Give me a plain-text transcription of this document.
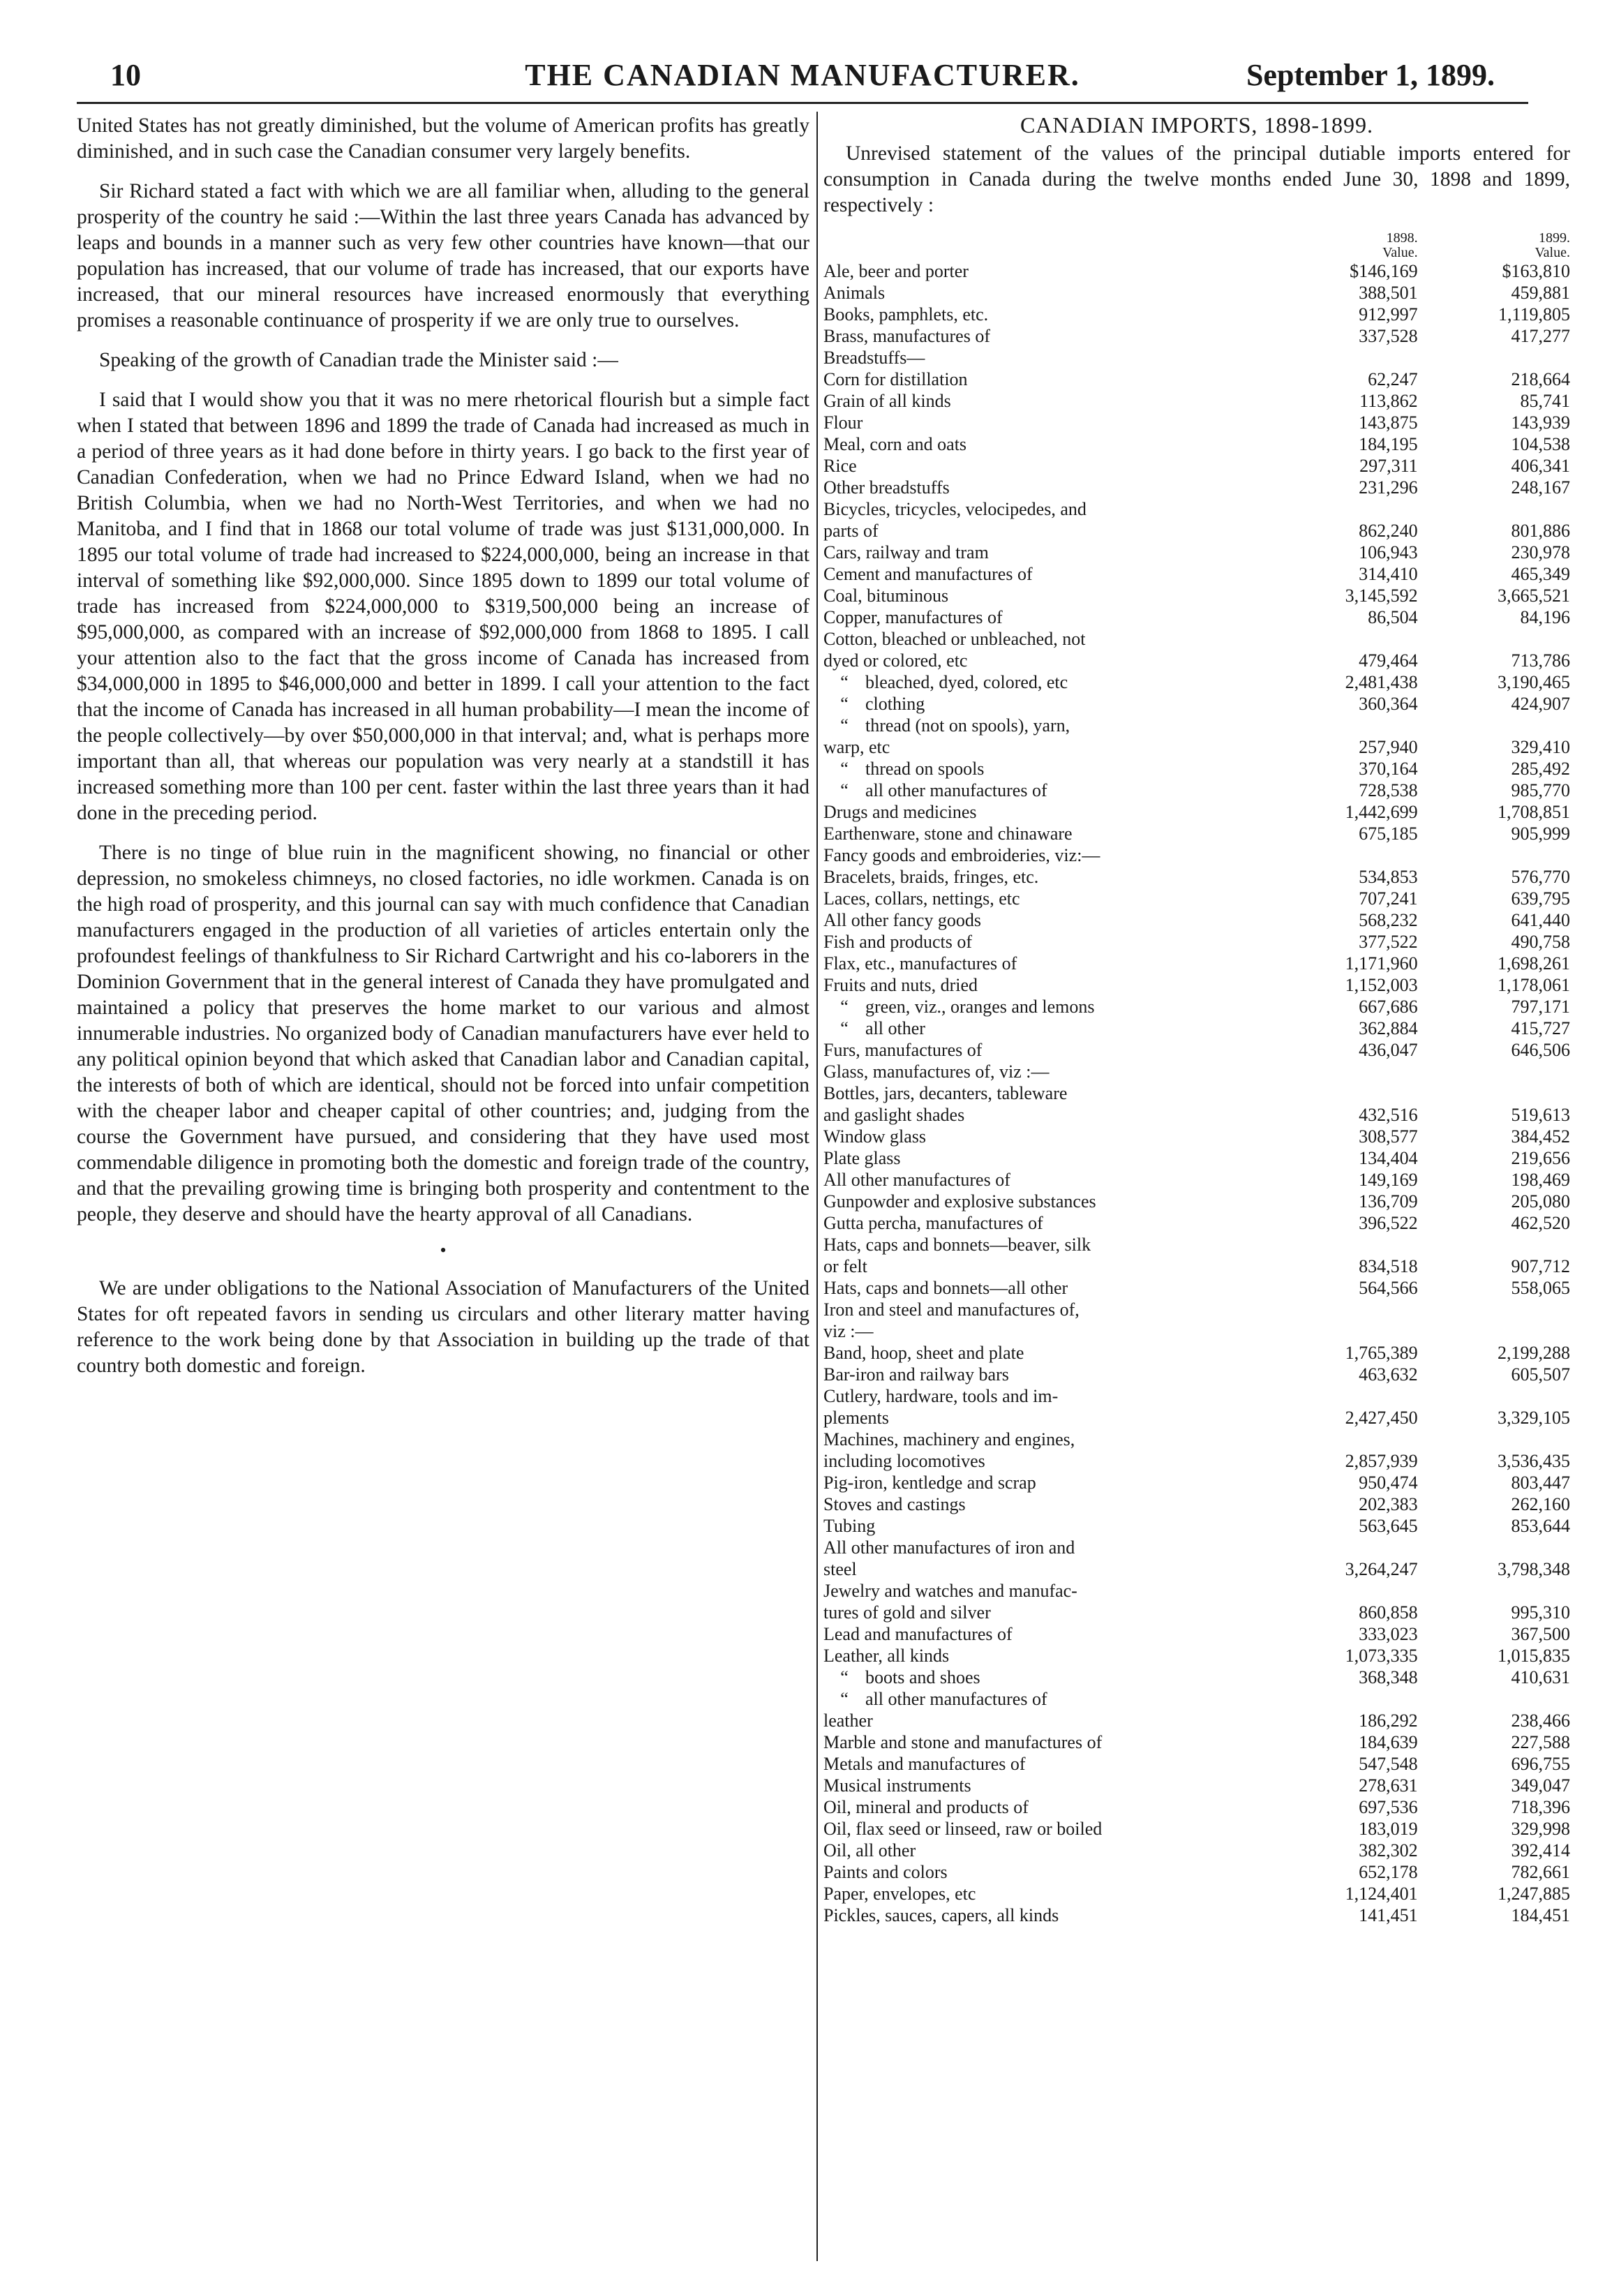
10	THE CANADIAN MANUFACTURER.	September 1, 1899.

United States has not greatly diminished, but the volume of American profits has greatly diminished, and in such case the Canadian consumer very largely benefits.

Sir Richard stated a fact with which we are all familiar when, alluding to the general prosperity of the country he said :—Within the last three years Canada has advanced by leaps and bounds in a manner such as very few other countries have known—that our population has increased, that our volume of trade has increased, that our exports have increased, that our mineral resources have increased enormously that everything promises a reasonable continuance of prosperity if we are only true to ourselves.

Speaking of the growth of Canadian trade the Minister said :—

I said that I would show you that it was no mere rhetorical flourish but a simple fact when I stated that between 1896 and 1899 the trade of Canada had increased as much in a period of three years as it had done before in thirty years. I go back to the first year of Canadian Confederation, when we had no Prince Edward Island, when we had no British Columbia, when we had no North-West Territories, and when we had no Manitoba, and I find that in 1868 our total volume of trade was just $131,000,000. In 1895 our total volume of trade had increased to $224,000,000, being an increase in that interval of something like $92,000,000. Since 1895 down to 1899 our total volume of trade has increased from $224,000,000 to $319,500,000 being an increase of $95,000,000, as compared with an increase of $92,000,000 from 1868 to 1895. I call your attention also to the fact that the gross income of Canada has increased from $34,000,000 in 1895 to $46,000,000 and better in 1899. I call your attention to the fact that the income of Canada has increased in all human probability—I mean the income of the people collectively—by over $50,000,000 in that interval; and, what is perhaps more important than all, that whereas our population was very nearly at a standstill it has increased something more than 100 per cent. faster within the last three years than it had done in the preceding period.

There is no tinge of blue ruin in the magnificent showing, no financial or other depression, no smokeless chimneys, no closed factories, no idle workmen. Canada is on the high road of prosperity, and this journal can say with much confidence that Canadian manufacturers engaged in the production of all varieties of articles entertain only the profoundest feelings of thankfulness to Sir Richard Cartwright and his co-laborers in the Dominion Government that in the general interest of Canada they have promulgated and maintained a policy that preserves the home market to our various and almost innumerable industries. No organized body of Canadian manufacturers have ever held to any political opinion beyond that which asked that Canadian labor and Canadian capital, the interests of both of which are identical, should not be forced into unfair competition with the cheaper labor and cheaper capital of other countries; and, judging from the course the Government have pursued, and considering that they have used most commendable diligence in promoting both the domestic and foreign trade of the country, and that the prevailing growing time is bringing both prosperity and contentment to the people, they deserve and should have the hearty approval of all Canadians.

•

We are under obligations to the National Association of Manufacturers of the United States for oft repeated favors in sending us circulars and other literary matter having reference to the work being done by that Association in building up the trade of that country both domestic and foreign.

CANADIAN IMPORTS, 1898-1899.

Unrevised statement of the values of the principal dutiable imports entered for consumption in Canada during the twelve months ended June 30, 1898 and 1899, respectively :

	1898.	1899.
	Value.	Value.
Ale, beer and porter	$146,169	$163,810
Animals	388,501	459,881
Books, pamphlets, etc.	912,997	1,119,805
Brass, manufactures of	337,528	417,277
Breadstuffs—		
Corn for distillation	62,247	218,664
Grain of all kinds	113,862	85,741
Flour	143,875	143,939
Meal, corn and oats	184,195	104,538
Rice	297,311	406,341
Other breadstuffs	231,296	248,167
Bicycles, tricycles, velocipedes, and		
parts of	862,240	801,886
Cars, railway and tram	106,943	230,978
Cement and manufactures of	314,410	465,349
Coal, bituminous	3,145,592	3,665,521
Copper, manufactures of	86,504	84,196
Cotton, bleached or unbleached, not		
dyed or colored, etc	479,464	713,786
“ bleached, dyed, colored, etc	2,481,438	3,190,465
“ clothing	360,364	424,907
“ thread (not on spools), yarn,		
warp, etc	257,940	329,410
“ thread on spools	370,164	285,492
“ all other manufactures of	728,538	985,770
Drugs and medicines	1,442,699	1,708,851
Earthenware, stone and chinaware	675,185	905,999
Fancy goods and embroideries, viz:—		
Bracelets, braids, fringes, etc.	534,853	576,770
Laces, collars, nettings, etc	707,241	639,795
All other fancy goods	568,232	641,440
Fish and products of	377,522	490,758
Flax, etc., manufactures of	1,171,960	1,698,261
Fruits and nuts, dried	1,152,003	1,178,061
“ green, viz., oranges and lemons	667,686	797,171
“ all other	362,884	415,727
Furs, manufactures of	436,047	646,506
Glass, manufactures of, viz :—		
Bottles, jars, decanters, tableware		
and gaslight shades	432,516	519,613
Window glass	308,577	384,452
Plate glass	134,404	219,656
All other manufactures of	149,169	198,469
Gunpowder and explosive substances	136,709	205,080
Gutta percha, manufactures of	396,522	462,520
Hats, caps and bonnets—beaver, silk		
or felt	834,518	907,712
Hats, caps and bonnets—all other	564,566	558,065
Iron and steel and manufactures of,		
viz :—		
Band, hoop, sheet and plate	1,765,389	2,199,288
Bar-iron and railway bars	463,632	605,507
Cutlery, hardware, tools and im-		
plements	2,427,450	3,329,105
Machines, machinery and engines,		
including locomotives	2,857,939	3,536,435
Pig-iron, kentledge and scrap	950,474	803,447
Stoves and castings	202,383	262,160
Tubing	563,645	853,644
All other manufactures of iron and		
steel	3,264,247	3,798,348
Jewelry and watches and manufac-		
tures of gold and silver	860,858	995,310
Lead and manufactures of	333,023	367,500
Leather, all kinds	1,073,335	1,015,835
“ boots and shoes	368,348	410,631
“ all other manufactures of		
leather	186,292	238,466
Marble and stone and manufactures of	184,639	227,588
Metals and manufactures of	547,548	696,755
Musical instruments	278,631	349,047
Oil, mineral and products of	697,536	718,396
Oil, flax seed or linseed, raw or boiled	183,019	329,998
Oil, all other	382,302	392,414
Paints and colors	652,178	782,661
Paper, envelopes, etc	1,124,401	1,247,885
Pickles, sauces, capers, all kinds	141,451	184,451
